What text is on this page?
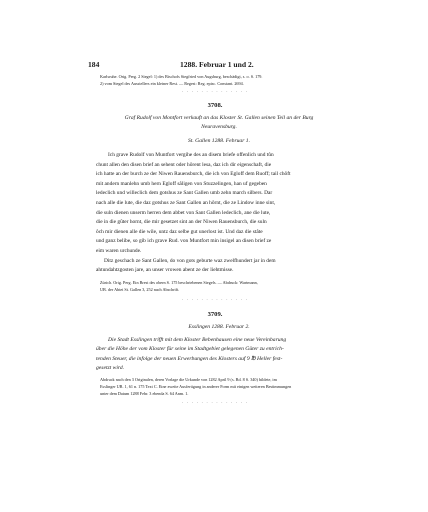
184	1288. Februar 1 und 2.
Karlsruhe. Orig. Perg. 2 Siegel: 1) des Bischofs Siegfried von Augsburg, beschädigt, s. o. S. 179.
2) vom Siegel des Ausstellers ein kleiner Rest. — Regest: Reg. episc. Constant. 2694.
· · · · · · · · · · · · · ·
3708.
Graf Rudolf von Montfort verkauft an das Kloster St. Gallen seinen Teil an der Burg
Neuravensburg.
St. Gallen 1288. Februar 1.
Ich grave Rudolf von Muntfort vergihe des an disem briefe offenlich und tůn
chunt allen den disen brief an sehent oder hôrent lesa, daz ich dir eigenschaft, die
ich hatte an der burch ze der Niwen Rauensburch, die ich von Egloff dem Ruoff; tail chôft
mit andern manlehn umb hern Egloff sâligen von Stuzzelingen, han uf gegeben
ledeclich und willeclich dem gotshus ze Sant Gallen umb zehn march silbers. Dar
nach alle die lute, die daz gotshus ze Sant Gallen an hôrnt, die ze Lindow inne sint,
die suln dienen unserm herren dem abbet von Sant Gallen ledeclich, ane die lute,
die in die gûter hornt, die mir gesetzet sint an der Niwen Rauensburch, die suln
ôch mir dienen alle die wile, untz daz selbe gut unerlost ist. Und daz die stâte
und ganz belibe, so gib ich grave Rud. von Muntfort min insigel an disen brief ze
eim waren urchunde.
Ditz geschach ze Sant Gallen, do von gots geburte waz zwelfhundert jar in dem
ahtundahtzgosten jare, an unser vrowen abent ze der liehtmisse.
Zürich. Orig. Perg. Ein Brest des obern S. 175 beschriebenen Siegels. — Abdruck: Wartmann,
UB. der Abtei St. Gallen 3, 252 nach Abschrift.
· · · · · · · · · · · · · ·
3709.
Esslingen 1288. Februar 2.
Die Stadt Esslingen trifft mit dem Kloster Bebenhausen eine neue Vereinbarung
über die Höhe der vom Kloster für seine im Stadtgebiet gelegenen Güter zu entrich-
tenden Steuer, die infolge der neuen Erwerbungen des Klosters auf 9 ℔ Heller fest-
gesetzt wird.
Abdruck nach den 3 Originalen, deren Vorlage die Urkunde von 1282 April 9 (s. Bd. 8 S. 340) bildete, im
Esslinger UB. 1, 61 n. 175 Text C. Eine zweite Ausfertigung in anderer Form mit einigen weiteren Bestimmungen
unter dem Datum 1288 Febr. 3 ebenda S. 64 Anm. 1.
· · · · · · · · · · · · · ·
